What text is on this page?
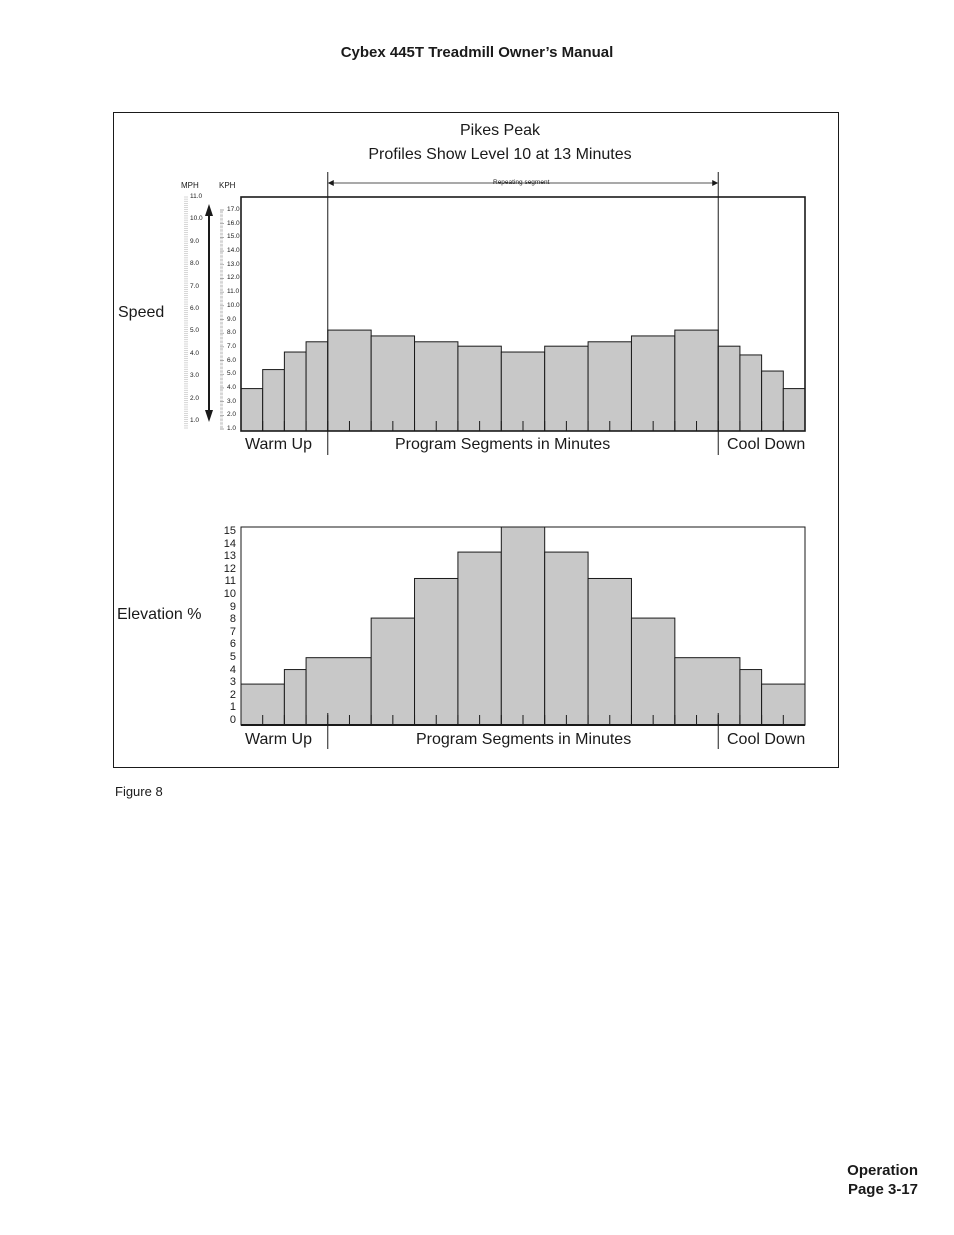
Cybex 445T Treadmill Owner’s Manual
Pikes Peak
Profiles Show Level 10 at 13 Minutes
Speed
Elevation %
MPH	KPH	Repeating segment
Warm Up	Program Segments in Minutes	Cool Down
Warm Up	Program Segments in Minutes	Cool Down
17.0
16.0
15.0
14.0
13.0
12.0
11.0
10.0
9.0
8.0
7.0
6.0
5.0
4.0
3.0
2.0
1.0
11.0
10.0
9.0
8.0
7.0
6.0
5.0
4.0
3.0
2.0
1.0
15
14
13
12
11
10
9
8
7
6
5
4
3
2
1
0
Figure 8
Operation
Page 3-17
